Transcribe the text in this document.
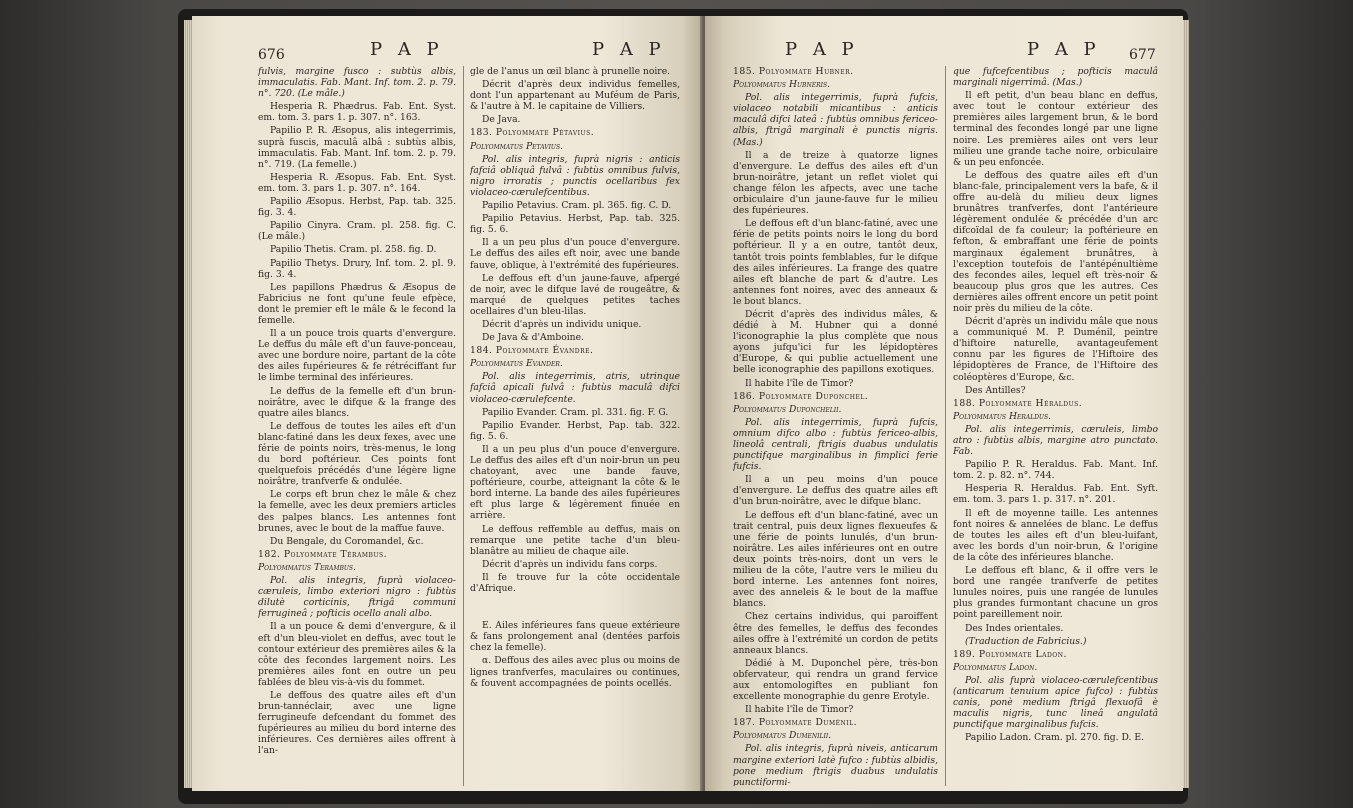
676	P A P	P A P

fulvis, margine fusco : subtùs albis, immaculatis. Fab. Mant. Inf. tom. 2. p. 79. n°. 720. (Le mâle.)

Hesperia R. Phædrus. Fab. Ent. Syst. em. tom. 3. pars 1. p. 307. n°. 163.

Papilio P. R. Æsopus, alis integerrimis, suprà fuscis, maculâ albâ : subtùs albis, immaculatis. Fab. Mant. Inf. tom. 2. p. 79. n°. 719. (La femelle.)

Hesperia R. Æsopus. Fab. Ent. Syst. em. tom. 3. pars 1. p. 307. n°. 164.

Papilio Æsopus. Herbst, Pap. tab. 325. fig. 3. 4.

Papilio Cinyra. Cram. pl. 258. fig. C. (Le mâle.)

Papilio Thetis. Cram. pl. 258. fig. D.

Papilio Thetys. Drury, Inf. tom. 2. pl. 9. fig. 3. 4.

Les papillons Phædrus & Æsopus de Fabricius ne font qu'une feule efpèce, dont le premier eft le mâle & le fecond la femelle.

Il a un pouce trois quarts d'envergure. Le deffus du mâle eft d'un fauve-ponceau, avec une bordure noire, partant de la côte des ailes fupérieures & fe rétréciffant fur le limbe terminal des inférieures.

Le deffus de la femelle eft d'un brun-noirâtre, avec le difque & la frange des quatre ailes blancs.

Le deffous de toutes les ailes eft d'un blanc-fatiné dans les deux fexes, avec une férie de points noirs, très-menus, le long du bord poftérieur. Ces points font quelquefois précédés d'une légère ligne noirâtre, tranfverfe & ondulée.

Le corps eft brun chez le mâle & chez la femelle, avec les deux premiers articles des palpes blancs. Les antennes font brunes, avec le bout de la maffue fauve.

Du Bengale, du Coromandel, &c.

182. Polyommate Térambus.

Polyommatus Terambus.

Pol. alis integris, fuprà violaceo-cæruleis, limbo exteriori nigro : fubtùs dilutè corticinis, ftrigâ communi ferrugineâ ; pofticis ocello anali albo.

Il a un pouce & demi d'envergure, & il eft d'un bleu-violet en deffus, avec tout le contour extérieur des premières ailes & la côte des fecondes largement noirs. Les premières ailes font en outre un peu fablées de bleu vis-à-vis du fommet.

Le deffous des quatre ailes eft d'un brun-tannéclair, avec une ligne ferrugineufe defcendant du fommet des fupérieures au milieu du bord interne des inférieures. Ces dernières ailes offrent à l'an-

gle de l'anus un œil blanc à prunelle noire.

Décrit d'après deux individus femelles, dont l'un appartenant au Muféum de Paris, & l'autre à M. le capitaine de Villiers.

De Java.

183. Polyommate Pétavius.

Polyommatus Petavius.

Pol. alis integris, fuprà nigris : anticis fafciâ obliquâ fulvâ : fubtùs omnibus fulvis, nigro irroratis ; punctis ocellaribus fex violaceo-cærulefcentibus.

Papilio Petavius. Cram. pl. 365. fig. C. D.

Papilio Petavius. Herbst, Pap. tab. 325. fig. 5. 6.

Il a un peu plus d'un pouce d'envergure. Le deffus des ailes eft noir, avec une bande fauve, oblique, à l'extrémité des fupérieures.

Le deffous eft d'un jaune-fauve, afpergé de noir, avec le difque lavé de rougeâtre, & marqué de quelques petites taches ocellaires d'un bleu-lilas.

Décrit d'après un individu unique.

De Java & d'Amboine.

184. Polyommate Évandre.

Polyommatus Evander.

Pol. alis integerrimis, atris, utrinque fafciâ apicali fulvâ : fubtùs maculâ difci violaceo-cærulefcente.

Papilio Evander. Cram. pl. 331. fig. F. G.

Papilio Evander. Herbst, Pap. tab. 322. fig. 5. 6.

Il a un peu plus d'un pouce d'envergure. Le deffus des ailes eft d'un noir-brun un peu chatoyant, avec une bande fauve, poftérieure, courbe, atteignant la côte & le bord interne. La bande des ailes fupérieures eft plus large & légèrement finuée en arrière.

Le deffous reffemble au deffus, mais on remarque une petite tache d'un bleu-blanâtre au milieu de chaque aile.

Décrit d'après un individu fans corps.

Il fe trouve fur la côte occidentale d'Afrique.

E. Ailes inférieures fans queue extérieure & fans prolongement anal (dentées parfois chez la femelle).

α. Deffous des ailes avec plus ou moins de lignes tranfverfes, maculaires ou continues, & fouvent accompagnées de points ocellés.

P A P	P A P 677

185. Polyommate Hubner.

Polyommatus Hubneris.

Pol. alis integerrimis, fuprà fufcis, violaceo notabili micantibus : anticis maculâ difci lateâ : fubtùs omnibus fericeo-albis, ftrigâ marginali è punctis nigris. (Mas.)

Il a de treize à quatorze lignes d'envergure. Le deffus des ailes eft d'un brun-noirâtre, jetant un reflet violet qui change félon les afpects, avec une tache orbiculaire d'un jaune-fauve fur le milieu des fupérieures.

Le deffous eft d'un blanc-fatiné, avec une férie de petits points noirs le long du bord poftérieur. Il y a en outre, tantôt deux, tantôt trois points femblables, fur le difque des ailes inférieures. La frange des quatre ailes eft blanche de part & d'autre. Les antennes font noires, avec des anneaux & le bout blancs.

Décrit d'après des individus mâles, & dédié à M. Hubner qui a donné l'iconographie la plus complète que nous ayons jufqu'ici fur les lépidoptères d'Europe, & qui publie actuellement une belle iconographie des papillons exotiques.

Il habite l'île de Timor?

186. Polyommate Duponchel.

Polyommatus Duponchelii.

Pol. alis integerrimis, fuprà fufcis, omnium difco albo : fubtùs fericeo-albis, lineolâ centrali, ftrigis duabus undulatis punctifque marginalibus in fimplici ferie fufcis.

Il a un peu moins d'un pouce d'envergure. Le deffus des quatre ailes eft d'un brun-noirâtre, avec le difque blanc.

Le deffous eft d'un blanc-fatiné, avec un trait central, puis deux lignes flexueufes & une férie de points lunulés, d'un brun-noirâtre. Les ailes inférieures ont en outre deux points très-noirs, dont un vers le milieu de la côte, l'autre vers le milieu du bord interne. Les antennes font noires, avec des anneleis & le bout de la maffue blancs.

Chez certains individus, qui paroiffent être des femelles, le deffus des fecondes ailes offre à l'extrémité un cordon de petits anneaux blancs.

Dédié à M. Duponchel père, très-bon obfervateur, qui rendra un grand fervice aux entomologiftes en publiant fon excellente monographie du genre Erotyle.

Il habite l'île de Timor?

187. Polyommate Duménil.

Polyommatus Dumenilii.

Pol. alis integris, fuprà niveis, anticarum margine exteriori latè fufco : fubtùs albidis, pone medium ftrigis duabus undulatis punctiformi-

que fufcefcentibus ; pofticis maculâ marginali nigerrimâ. (Mas.)

Il eft petit, d'un beau blanc en deffus, avec tout le contour extérieur des premières ailes largement brun, & le bord terminal des fecondes longé par une ligne noire. Les premières ailes ont vers leur milieu une grande tache noire, orbiculaire & un peu enfoncée.

Le deffous des quatre ailes eft d'un blanc-fale, principalement vers la bafe, & il offre au-delà du milieu deux lignes brunâtres tranfverfes, dont l'antérieure légèrement ondulée & précédée d'un arc difcoïdal de fa couleur; la poftérieure en fefton, & embraffant une férie de points marginaux également brunâtres, à l'exception toutefois de l'antépénultième des fecondes ailes, lequel eft très-noir & beaucoup plus gros que les autres. Ces dernières ailes offrent encore un petit point noir près du milieu de la côte.

Décrit d'après un individu mâle que nous a communiqué M. P. Duménil, peintre d'hiftoire naturelle, avantageufement connu par les figures de l'Hiftoire des lépidoptères de France, de l'Hiftoire des coléoptères d'Europe, &c.

Des Antilles?

188. Polyommate Héraldus.

Polyommatus Heraldus.

Pol. alis integerrimis, cæruleis, limbo atro : fubtùs albis, margine atro punctato. Fab.

Papilio P. R. Heraldus. Fab. Mant. Inf. tom. 2. p. 82. n°. 744.

Hesperia R. Heraldus. Fab. Ent. Syft. em. tom. 3. pars 1. p. 317. n°. 201.

Il eft de moyenne taille. Les antennes font noires & annelées de blanc. Le deffus de toutes les ailes eft d'un bleu-luifant, avec les bords d'un noir-brun, & l'origine de la côte des inférieures blanche.

Le deffous eft blanc, & il offre vers le bord une rangée tranfverfe de petites lunules noires, puis une rangée de lunules plus grandes furmontant chacune un gros point pareillement noir.

Des Indes orientales.

(Traduction de Fabricius.)

189. Polyommate Ladon.

Polyommatus Ladon.

Pol. alis fuprà violaceo-cærulefcentibus (anticarum tenuium apice fufco) : fubtùs canis, ponè medium ftrigâ flexuofâ è maculis nigris, tunc lineâ angulatâ punctifque marginalibus fufcis.

Papilio Ladon. Cram. pl. 270. fig. D. E.
